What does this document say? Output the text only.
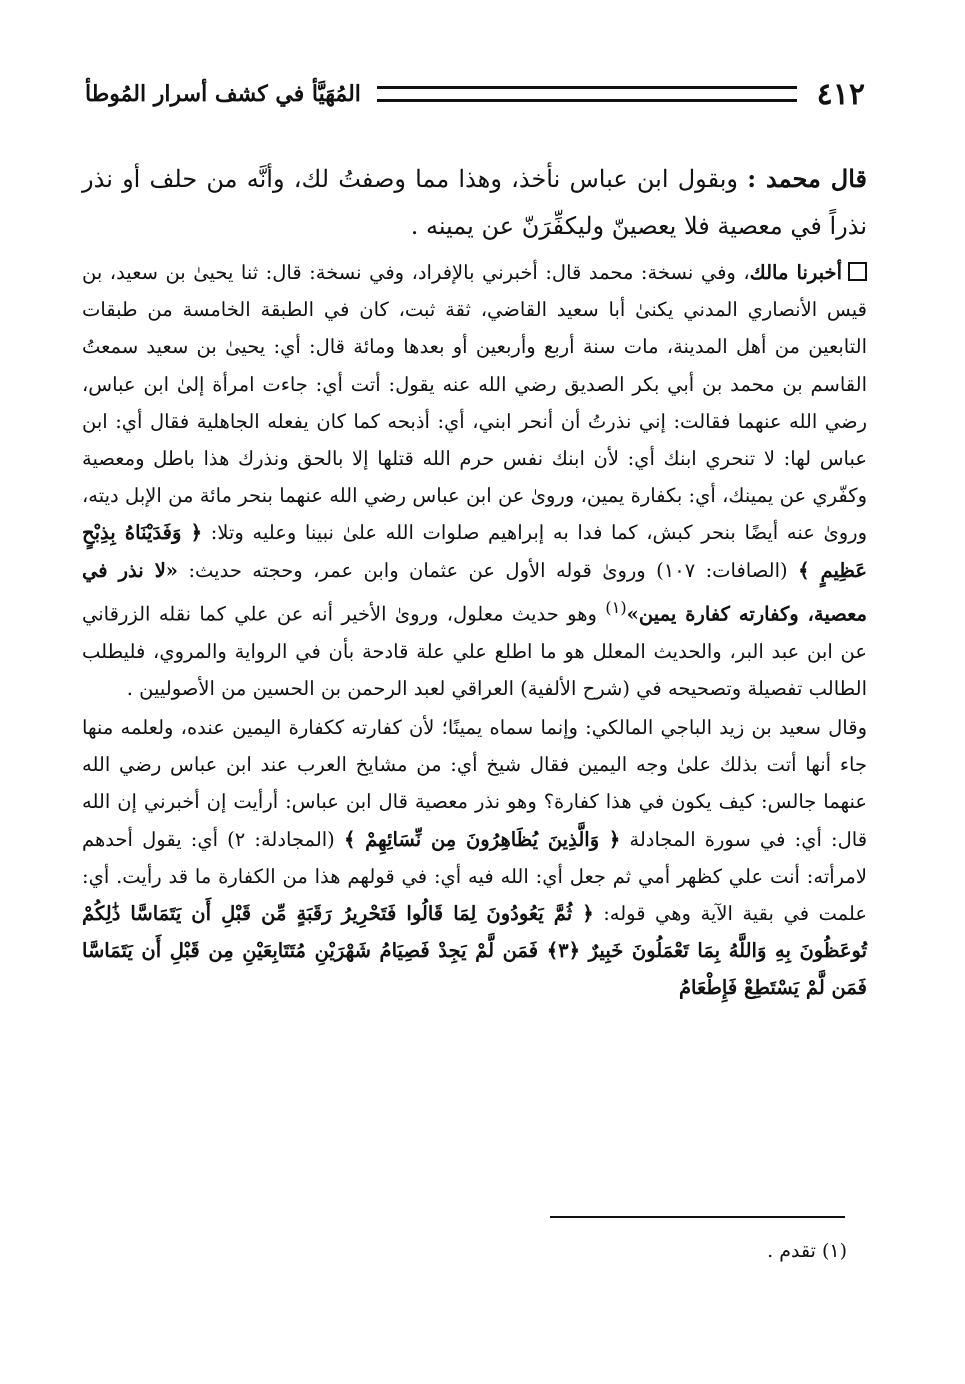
٤١٢
المُهَيَّأ في كشف أسرار المُوطأ

قال محمد : وبقول ابن عباس نأخذ، وهذا مما وصفتُ لك، وأنَّه من حلف أو نذر نذراً في معصية فلا يعصينّ وليكفِّرَنّ عن يمينه .

أخبرنا مالك، وفي نسخة: محمد قال: أخبرني بالإفراد، وفي نسخة: قال: ثنا يحيىٰ بن سعيد، بن قيس الأنصاري المدني يكنىٰ أبا سعيد القاضي، ثقة ثبت، كان في الطبقة الخامسة من طبقات التابعين من أهل المدينة، مات سنة أربع وأربعين أو بعدها ومائة قال: أي: يحيىٰ بن سعيد سمعتُ القاسم بن محمد بن أبي بكر الصديق رضي الله عنه يقول: أتت أي: جاءت امرأة إلىٰ ابن عباس، رضي الله عنهما فقالت: إني نذرتُ أن أنحر ابني، أي: أذبحه كما كان يفعله الجاهلية فقال أي: ابن عباس لها: لا تنحري ابنك أي: لأن ابنك نفس حرم الله قتلها إلا بالحق ونذرك هذا باطل ومعصية وكفّري عن يمينك، أي: بكفارة يمين، وروىٰ عن ابن عباس رضي الله عنهما بنحر مائة من الإبل ديته، وروىٰ عنه أيضًا بنحر كبش، كما فدا به إبراهيم صلوات الله علىٰ نبينا وعليه وتلا: ﴿ وَفَدَيْنَاهُ بِذِبْحٍ عَظِيمٍ ﴾ (الصافات: ١٠٧) وروىٰ قوله الأول عن عثمان وابن عمر، وحجته حديث: «لا نذر في معصية، وكفارته كفارة يمين»$^{(١)}$ وهو حديث معلول، وروىٰ الأخير أنه عن علي كما نقله الزرقاني عن ابن عبد البر، والحديث المعلل هو ما اطلع علي علة قادحة بأن في الرواية والمروي، فليطلب الطالب تفصيلة وتصحيحه في (شرح الألفية) العراقي لعبد الرحمن بن الحسين من الأصوليين .

وقال سعيد بن زيد الباجي المالكي: وإنما سماه يمينًا؛ لأن كفارته ككفارة اليمين عنده، ولعلمه منها جاء أنها أتت بذلك علىٰ وجه اليمين فقال شيخ أي: من مشايخ العرب عند ابن عباس رضي الله عنهما جالس: كيف يكون في هذا كفارة؟ وهو نذر معصية قال ابن عباس: أرأيت إن أخبرني إن الله قال: أي: في سورة المجادلة ﴿ وَالَّذِينَ يُظَاهِرُونَ مِن نِّسَائِهِمْ ﴾ (المجادلة: ٢) أي: يقول أحدهم لامرأته: أنت علي كظهر أمي ثم جعل أي: الله فيه أي: في قولهم هذا من الكفارة ما قد رأيت. أي: علمت في بقية الآية وهي قوله: ﴿ ثُمَّ يَعُودُونَ لِمَا قَالُوا فَتَحْرِيرُ رَقَبَةٍ مِّن قَبْلِ أَن يَتَمَاسَّا ذَٰلِكُمْ تُوعَظُونَ بِهِ وَاللَّهُ بِمَا تَعْمَلُونَ خَبِيرٌ ﴿٣﴾ فَمَن لَّمْ يَجِدْ فَصِيَامُ شَهْرَيْنِ مُتَتَابِعَيْنِ مِن قَبْلِ أَن يَتَمَاسَّا فَمَن لَّمْ يَسْتَطِعْ فَإِطْعَامُ

(١) تقدم .
